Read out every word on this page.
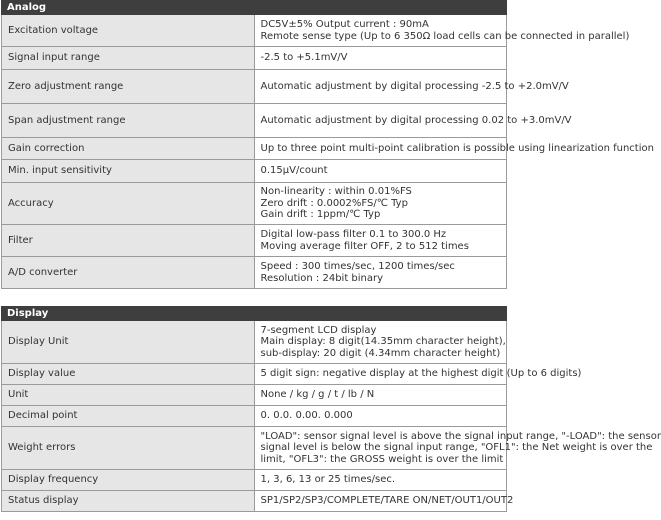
Analog	
Excitation voltage	DC5V±5% Output current : 90mA
Remote sense type (Up to 6 350Ω load cells can be connected in parallel)

Signal input range	-2.5 to +5.1mV/V

Zero adjustment range	Automatic adjustment by digital processing -2.5 to +2.0mV/V

Span adjustment range	Automatic adjustment by digital processing 0.02 to +3.0mV/V

Gain correction	Up to three point multi-point calibration is possible using linearization function

Min. input sensitivity	0.15μV/count

Accuracy	Non-linearity : within 0.01%FS
Zero drift : 0.0002%FS/℃ Typ
Gain drift : 1ppm/℃ Typ

Filter	Digital low-pass filter 0.1 to 300.0 Hz
Moving average filter OFF, 2 to 512 times

A/D converter	Speed : 300 times/sec, 1200 times/sec
Resolution : 24bit binary
Display	
Display Unit	7-segment LCD display
Main display: 8 digit(14.35mm character height),
sub-display: 20 digit (4.34mm character height)

Display value	5 digit sign: negative display at the highest digit (Up to 6 digits)

Unit	None / kg / g / t / lb / N

Decimal point	0. 0.0. 0.00. 0.000

Weight errors	"LOAD": sensor signal level is above the signal input range, "-LOAD": the sensor
signal level is below the signal input range, "OFL1": the Net weight is over the
limit, "OFL3": the GROSS weight is over the limit

Display frequency	1, 3, 6, 13 or 25 times/sec.

Status display	SP1/SP2/SP3/COMPLETE/TARE ON/NET/OUT1/OUT2
